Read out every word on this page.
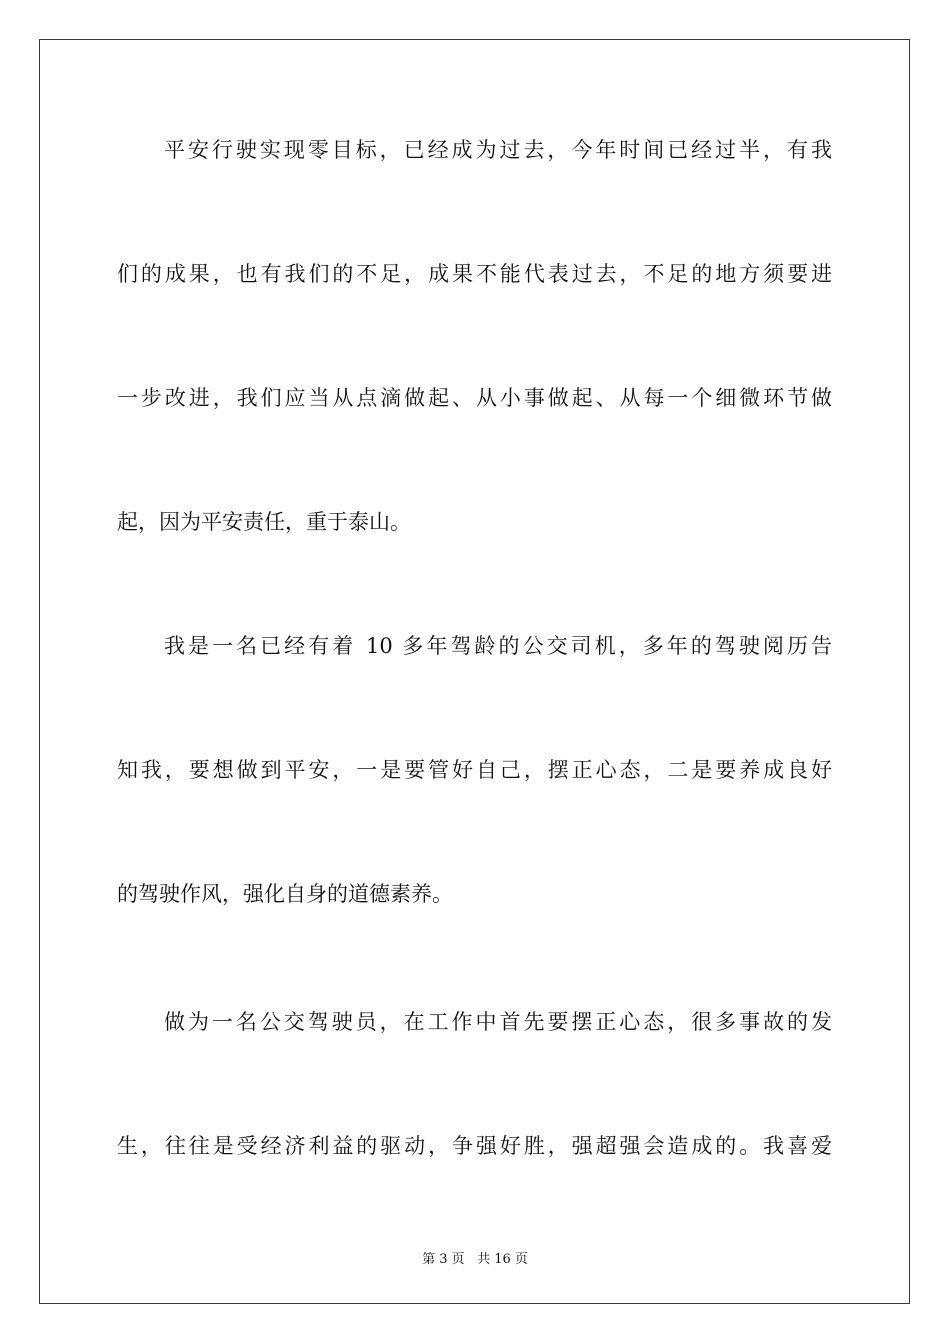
平安行驶实现零目标，已经成为过去，今年时间已经过半，有我
们的成果，也有我们的不足，成果不能代表过去，不足的地方须要进
一步改进，我们应当从点滴做起、从小事做起、从每一个细微环节做
起，因为平安责任，重于泰山。
我是一名已经有着 10 多年驾龄的公交司机，多年的驾驶阅历告
知我，要想做到平安，一是要管好自己，摆正心态，二是要养成良好
的驾驶作风，强化自身的道德素养。
做为一名公交驾驶员，在工作中首先要摆正心态，很多事故的发
生，往往是受经济利益的驱动，争强好胜，强超强会造成的。我喜爱
第 3 页 共 16 页
